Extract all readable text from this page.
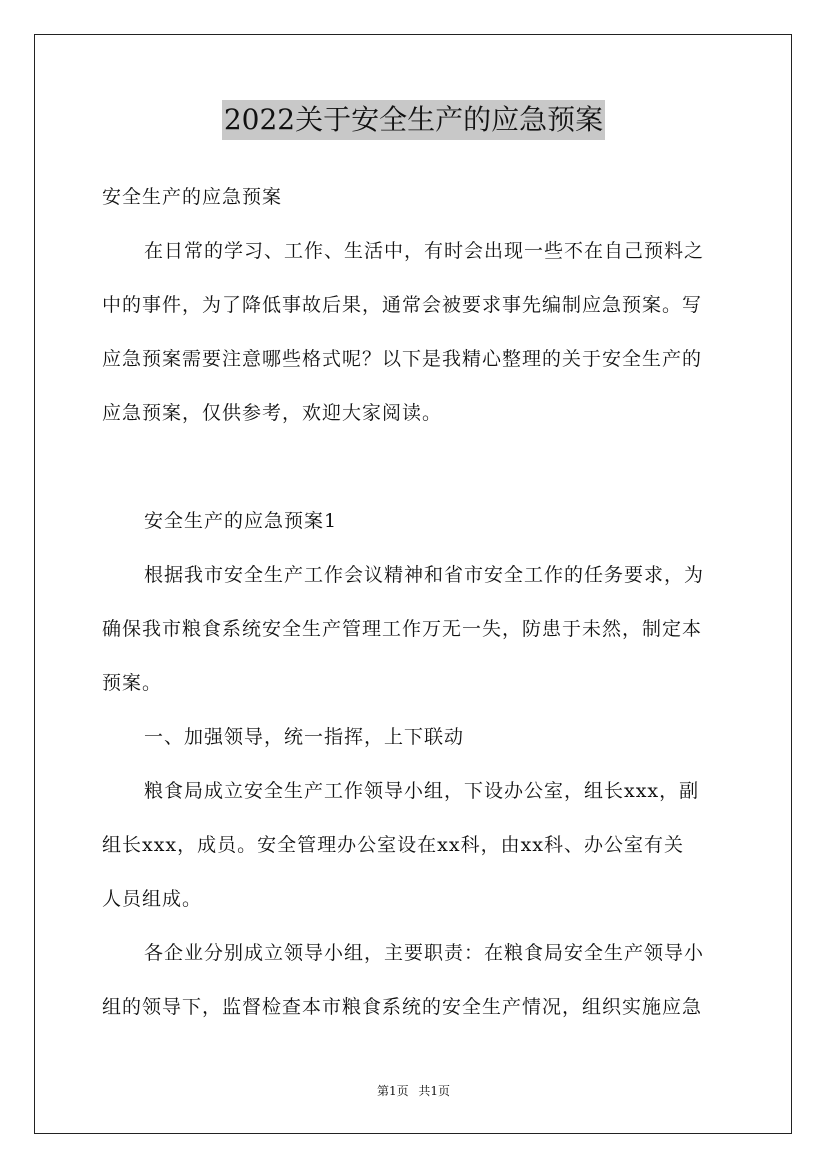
2022关于安全生产的应急预案
安全生产的应急预案
在日常的学习、工作、生活中，有时会出现一些不在自己预料之
中的事件，为了降低事故后果，通常会被要求事先编制应急预案。写
应急预案需要注意哪些格式呢？以下是我精心整理的关于安全生产的
应急预案，仅供参考，欢迎大家阅读。
安全生产的应急预案1
根据我市安全生产工作会议精神和省市安全工作的任务要求，为
确保我市粮食系统安全生产管理工作万无一失，防患于未然，制定本
预案。
一、加强领导，统一指挥，上下联动
粮食局成立安全生产工作领导小组，下设办公室，组长xxx，副
组长xxx，成员。安全管理办公室设在xx科，由xx科、办公室有关
人员组成。
各企业分别成立领导小组，主要职责：在粮食局安全生产领导小
组的领导下，监督检查本市粮食系统的安全生产情况，组织实施应急
第1页 共1页
